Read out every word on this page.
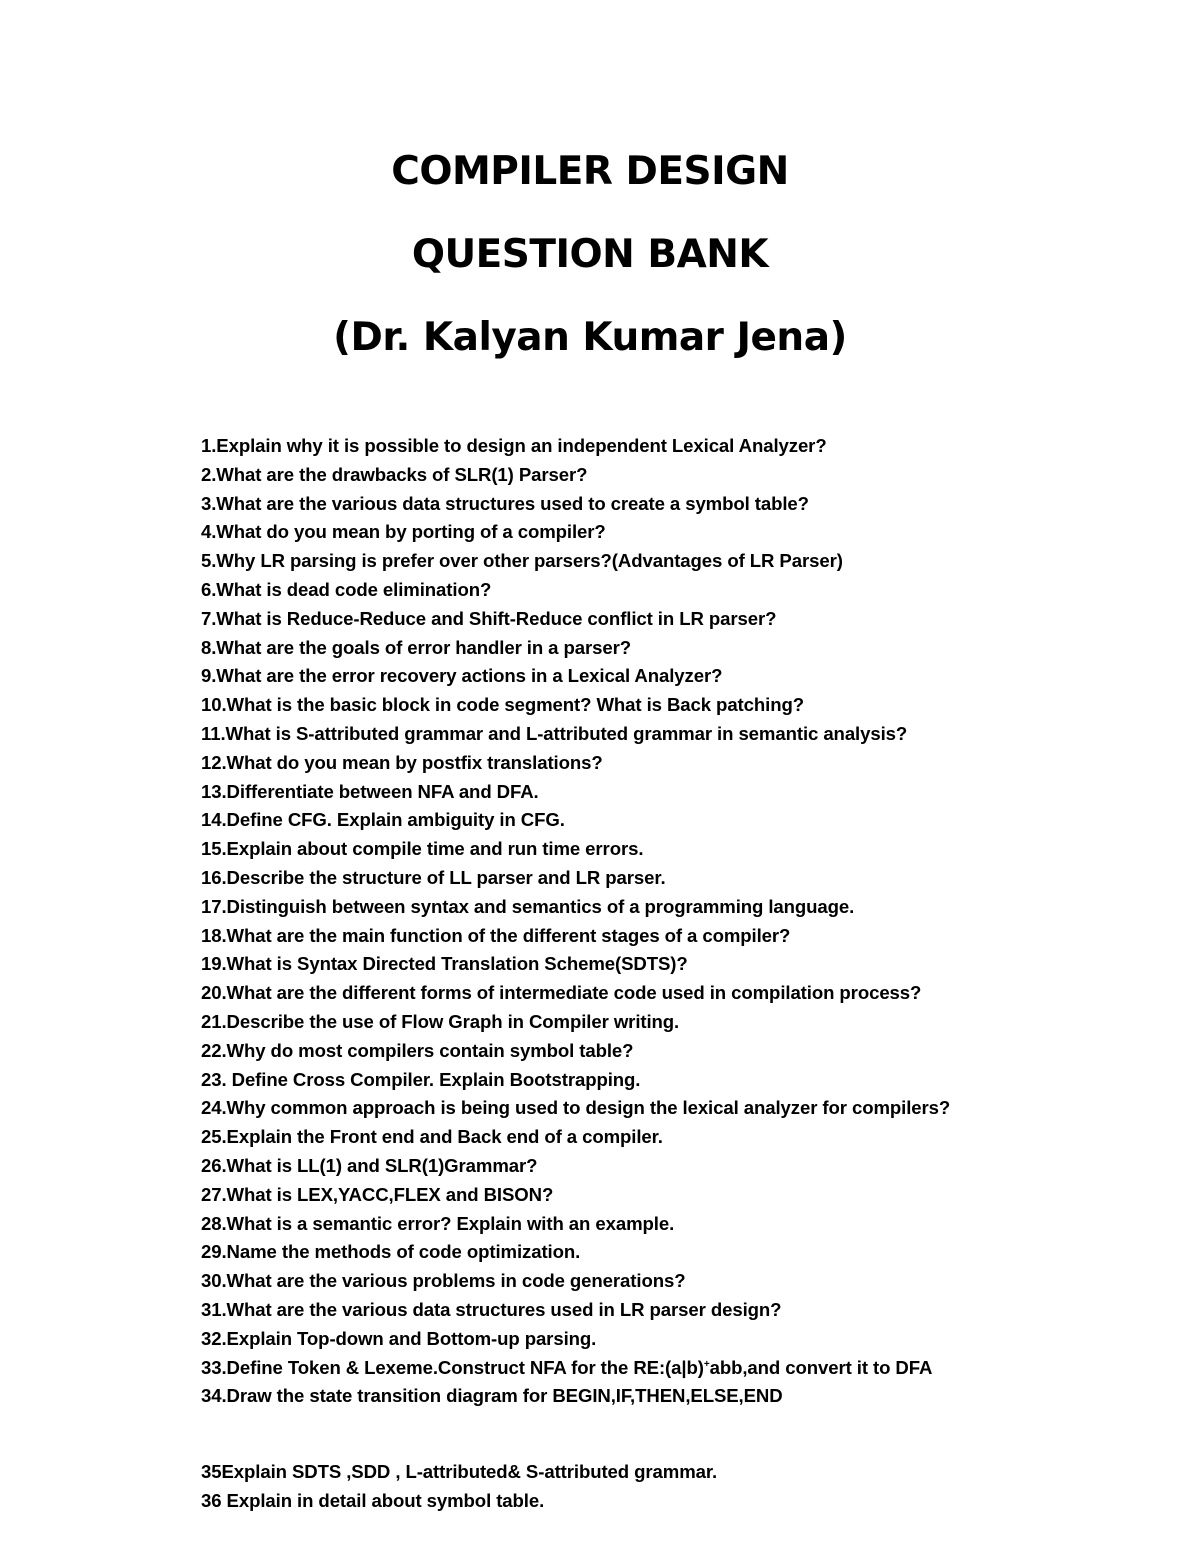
COMPILER DESIGN
QUESTION BANK
(Dr. Kalyan Kumar Jena)
1.Explain why it is possible to design an independent Lexical Analyzer?
2.What are the drawbacks of SLR(1) Parser?
3.What are the various data structures used to create a symbol table?
4.What do you mean by porting of a compiler?
5.Why LR parsing is prefer over other parsers?(Advantages of LR Parser)
6.What is dead code elimination?
7.What is Reduce-Reduce and Shift-Reduce conflict in LR parser?
8.What are the goals of error handler in a parser?
9.What are the error recovery actions in a Lexical Analyzer?
10.What is the basic block in code segment? What is Back patching?
11.What is S-attributed grammar and L-attributed grammar in semantic analysis?
12.What do you mean by postfix translations?
13.Differentiate between NFA and DFA.
14.Define CFG. Explain ambiguity in CFG.
15.Explain about compile time and run time errors.
16.Describe the structure of LL parser and LR parser.
17.Distinguish between syntax and semantics of a programming language.
18.What are the main function of the different stages of a compiler?
19.What is Syntax Directed Translation Scheme(SDTS)?
20.What are the different forms of intermediate code used in compilation process?
21.Describe the use of Flow Graph in Compiler writing.
22.Why do most compilers contain symbol table?
23. Define Cross Compiler. Explain Bootstrapping.
24.Why common approach is being used to design the lexical analyzer for compilers?
25.Explain the Front end and Back end of a compiler.
26.What is LL(1) and SLR(1)Grammar?
27.What is LEX,YACC,FLEX and BISON?
28.What is a semantic error? Explain with an example.
29.Name the methods of code optimization.
30.What are the various problems in code generations?
31.What are the various data structures used in LR parser design?
32.Explain Top-down and Bottom-up parsing.
33.Define Token & Lexeme.Construct NFA for the RE:(a|b)+abb,and convert it to DFA
34.Draw the state transition diagram for BEGIN,IF,THEN,ELSE,END
35Explain SDTS ,SDD , L-attributed& S-attributed grammar.
36 Explain in detail about symbol table.
